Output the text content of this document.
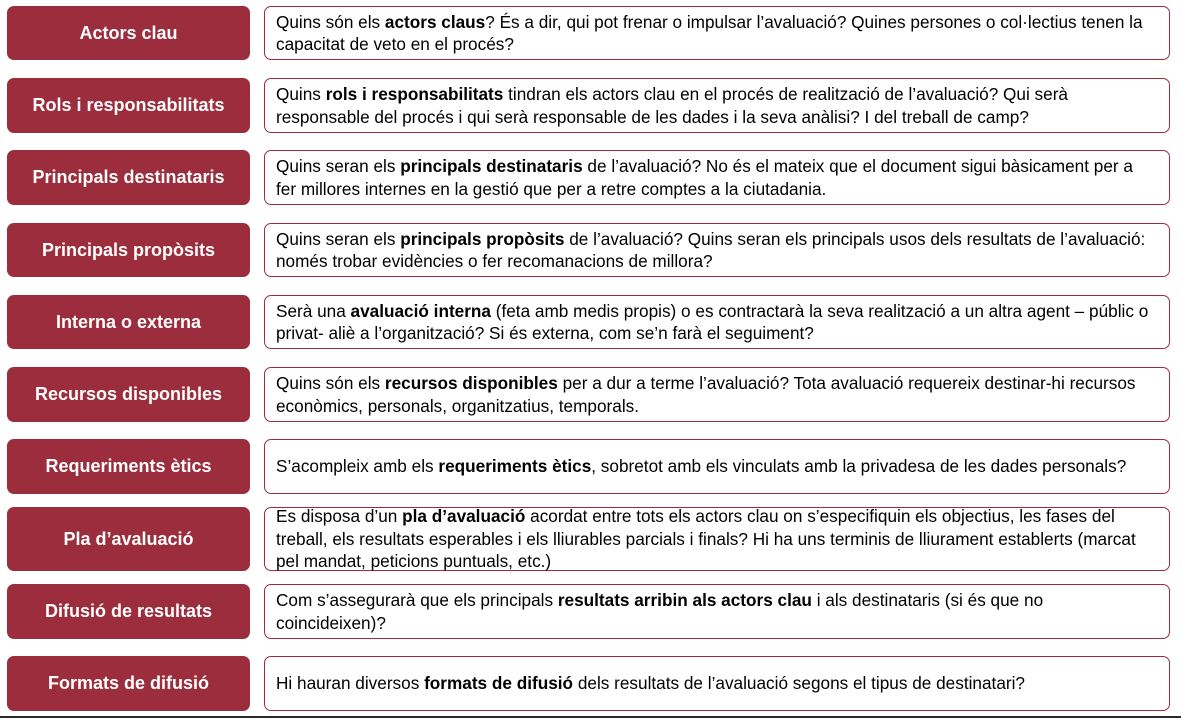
Actors clau

Quins són els actors claus? És a dir, qui pot frenar o impulsar l’avaluació? Quines persones o col·lectius tenen la capacitat de veto en el procés?

Rols i responsabilitats

Quins rols i responsabilitats tindran els actors clau en el procés de realització de l’avaluació? Qui serà responsable del procés i qui serà responsable de les dades i la seva anàlisi? I del treball de camp?

Principals destinataris

Quins seran els principals destinataris de l’avaluació? No és el mateix que el document sigui bàsicament per a fer millores internes en la gestió que per a retre comptes a la ciutadania.

Principals propòsits

Quins seran els principals propòsits de l’avaluació? Quins seran els principals usos dels resultats de l’avaluació: només trobar evidències o fer recomanacions de millora?

Interna o externa

Serà una avaluació interna (feta amb medis propis) o es contractarà la seva realització a un altra agent – públic o privat- aliè a l’organització? Si és externa, com se’n farà el seguiment?

Recursos disponibles

Quins són els recursos disponibles per a dur a terme l’avaluació? Tota avaluació requereix destinar-hi recursos econòmics, personals, organitzatius, temporals.

Requeriments ètics	S’acompleix amb els requeriments ètics, sobretot amb els vinculats amb la privadesa de les dades personals?

Pla d’avaluació

Es disposa d’un pla d’avaluació acordat entre tots els actors clau on s’especifiquin els objectius, les fases del treball, els resultats esperables i els lliurables parcials i finals? Hi ha uns terminis de lliurament establerts (marcat pel mandat, peticions puntuals, etc.)

Difusió de resultats

Com s’assegurarà que els principals resultats arribin als actors clau i als destinataris (si és que no coincideixen)?

Formats de difusió	Hi hauran diversos formats de difusió dels resultats de l’avaluació segons el tipus de destinatari?
